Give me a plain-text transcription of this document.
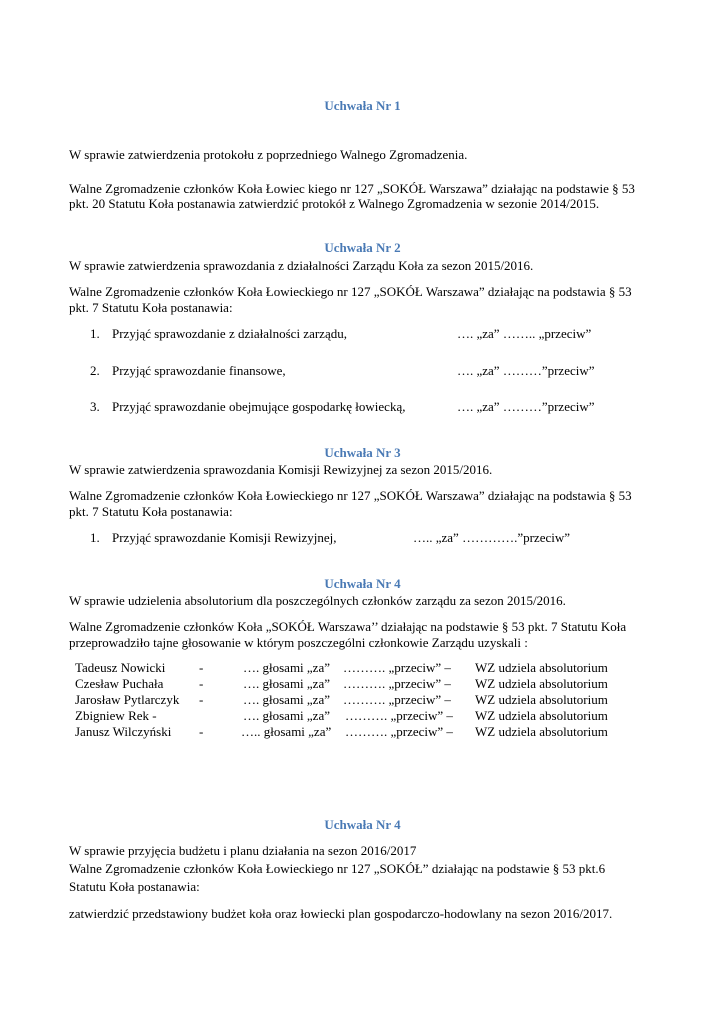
Uchwała Nr 1
W sprawie zatwierdzenia protokołu z poprzedniego Walnego Zgromadzenia.
Walne Zgromadzenie członków Koła Łowiec kiego nr 127 „SOKÓŁ Warszawa” działając na podstawie § 53
pkt. 20 Statutu Koła postanawia zatwierdzić protokół z Walnego Zgromadzenia w sezonie 2014/2015.
Uchwała Nr 2
W sprawie zatwierdzenia sprawozdania z działalności Zarządu Koła za sezon 2015/2016.
Walne Zgromadzenie członków Koła Łowieckiego nr 127 „SOKÓŁ Warszawa” działając na podstawia § 53
pkt. 7 Statutu Koła postanawia:
1. Przyjąć sprawozdanie z działalności zarządu,	…. „za” …….. „przeciw”
2. Przyjąć sprawozdanie finansowe,	…. „za” ………”przeciw”
3. Przyjąć sprawozdanie obejmujące gospodarkę łowiecką,	…. „za” ………”przeciw”
Uchwała Nr 3
W sprawie zatwierdzenia sprawozdania Komisji Rewizyjnej za sezon 2015/2016.
Walne Zgromadzenie członków Koła Łowieckiego nr 127 „SOKÓŁ Warszawa” działając na podstawia § 53
pkt. 7 Statutu Koła postanawia:
1. Przyjąć sprawozdanie Komisji Rewizyjnej,	….. „za” ………….”przeciw”
Uchwała Nr 4
W sprawie udzielenia absolutorium dla poszczególnych członków zarządu za sezon 2015/2016.
Walne Zgromadzenie członków Koła „SOKÓŁ Warszawa’’ działając na podstawie § 53 pkt. 7 Statutu Koła
przeprowadziło tajne głosowanie w którym poszczególni członkowie Zarządu uzyskali :
Tadeusz Nowicki	-	…. głosami „za” ………. „przeciw” – WZ udziela absolutorium
Czesław Puchała	-	…. głosami „za” ………. „przeciw” – WZ udziela absolutorium
Jarosław Pytlarczyk -	…. głosami „za” ………. „przeciw” – WZ udziela absolutorium
Zbigniew Rek -	…. głosami „za” ………. „przeciw” – WZ udziela absolutorium
Janusz Wilczyński -	….. głosami „za” ………. „przeciw” – WZ udziela absolutorium
Uchwała Nr 4
W sprawie przyjęcia budżetu i planu działania na sezon 2016/2017
Walne Zgromadzenie członków Koła Łowieckiego nr 127 „SOKÓŁ” działając na podstawie § 53 pkt.6
Statutu Koła postanawia:
zatwierdzić przedstawiony budżet koła oraz łowiecki plan gospodarczo-hodowlany na sezon 2016/2017.
